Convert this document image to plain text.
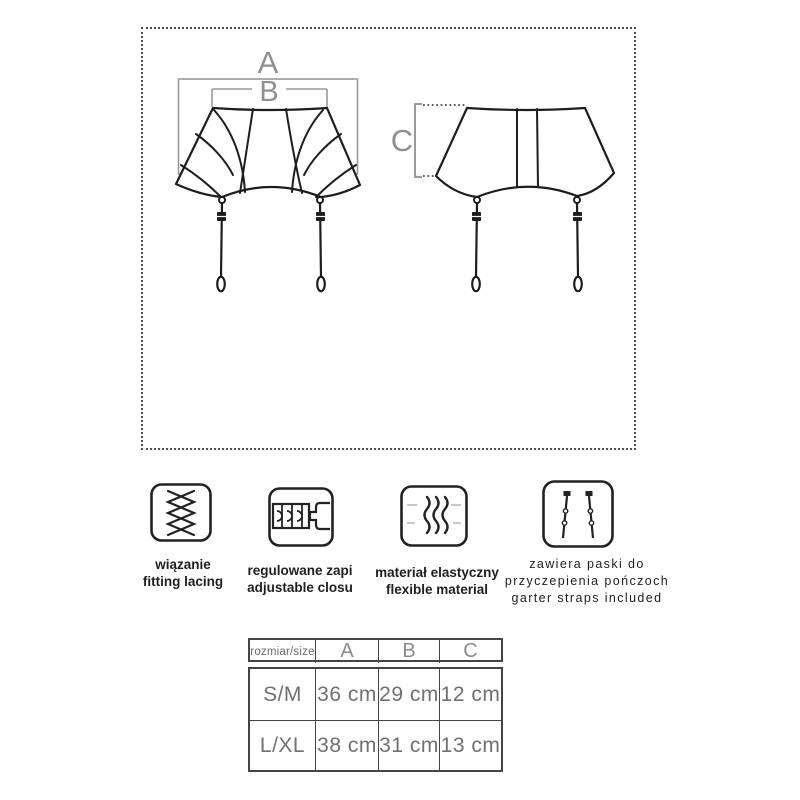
A
B
C
wiązanie
fitting lacing
regulowane zapi
adjustable closu
materiał elastyczny
flexible material
zawiera paski do
przyczepienia pończoch
garter straps included
rozmiar/size	A	B	C
S/M 36 cm 29 cm 12 cm
L/XL 38 cm 31 cm 13 cm
